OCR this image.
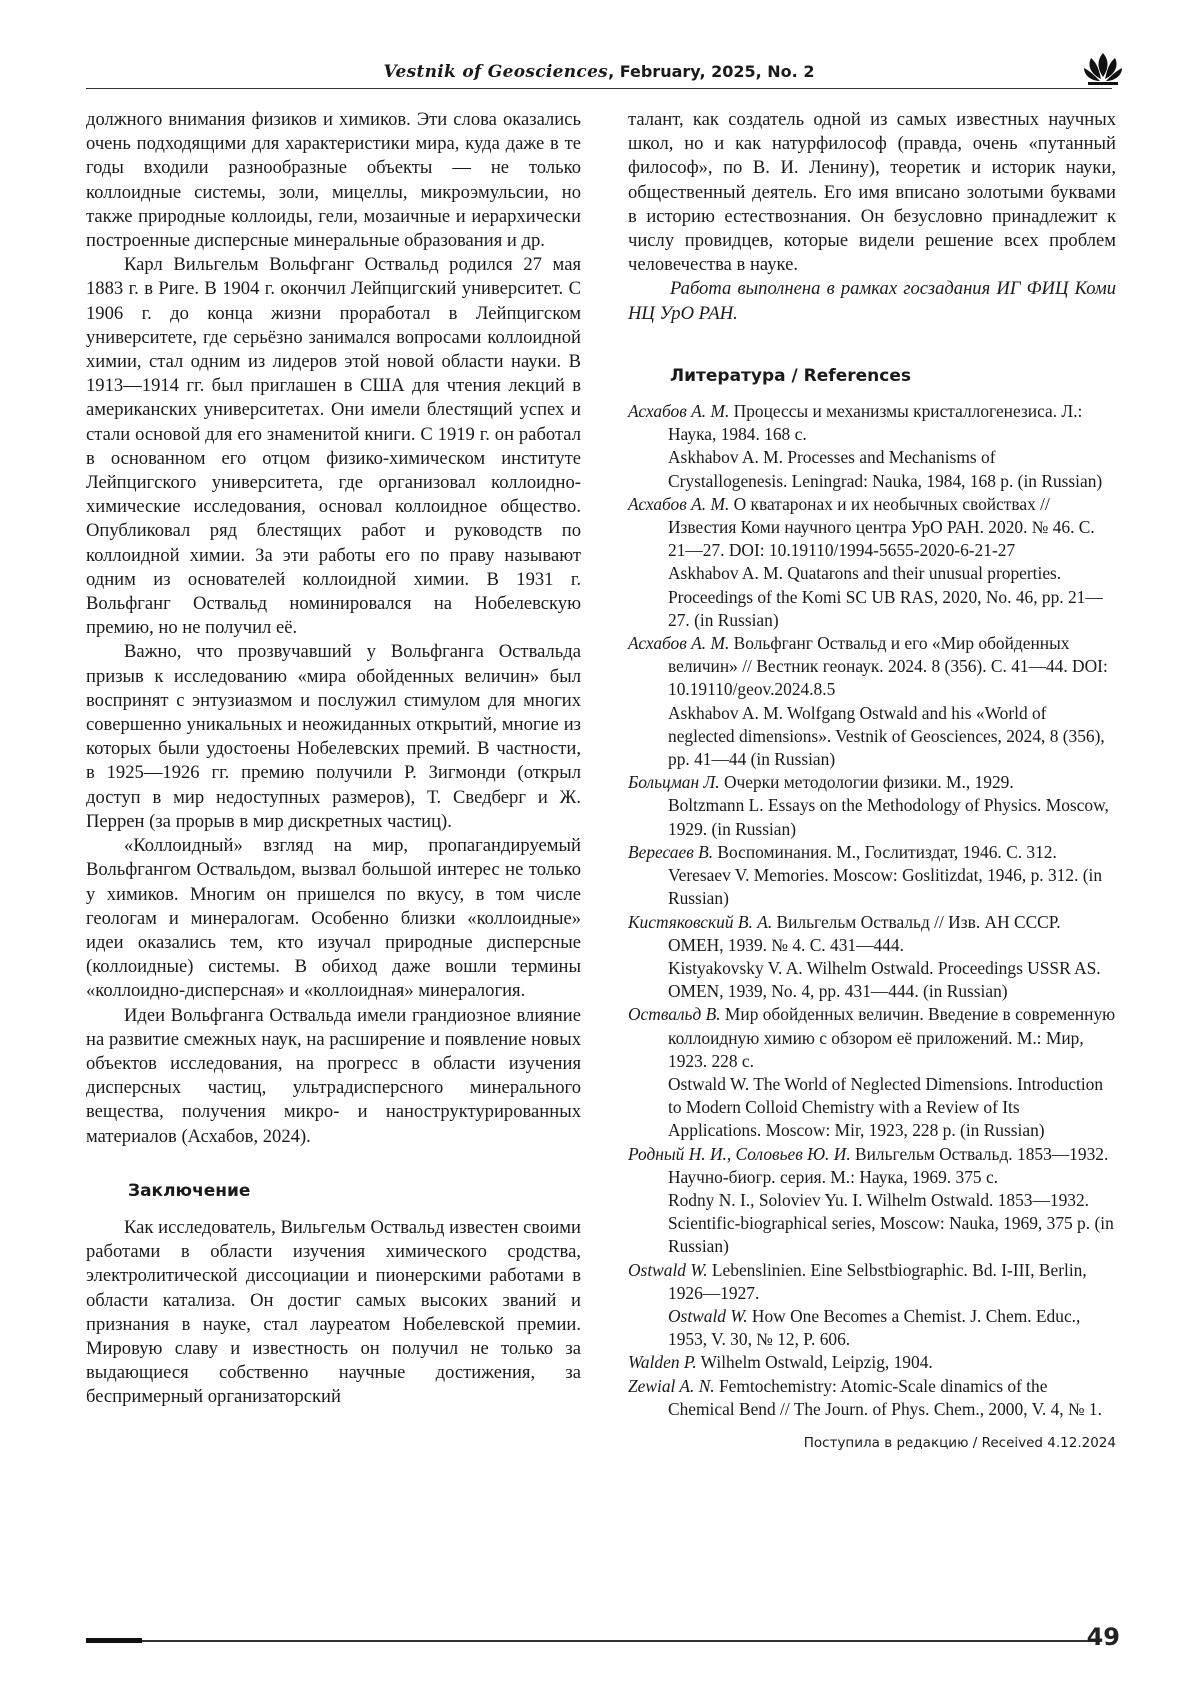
Vestnik of Geosciences, February, 2025, No. 2

должного внимания физиков и химиков. Эти слова оказались очень подходящими для характеристики мира, куда даже в те годы входили разнообразные объекты — не только коллоидные системы, золи, мицеллы, микроэмульсии, но также природные коллоиды, гели, мозаичные и иерархически построенные дисперсные минеральные образования и др.

Карл Вильгельм Вольфганг Оствальд родился 27 мая 1883 г. в Риге. В 1904 г. окончил Лейпцигский университет. С 1906 г. до конца жизни проработал в Лейпцигском университете, где серьёзно занимался вопросами коллоидной химии, стал одним из лидеров этой новой области науки. В 1913—1914 гг. был приглашен в США для чтения лекций в американских университетах. Они имели блестящий успех и стали основой для его знаменитой книги. С 1919 г. он работал в основанном его отцом физико-химическом институте Лейпцигского университета, где организовал коллоидно-химические исследования, основал коллоидное общество. Опубликовал ряд блестящих работ и руководств по коллоидной химии. За эти работы его по праву называют одним из основателей коллоидной химии. В 1931 г. Вольфганг Оствальд номинировался на Нобелевскую премию, но не получил её.

Важно, что прозвучавший у Вольфганга Оствальда призыв к исследованию «мира обойденных величин» был воспринят с энтузиазмом и послужил стимулом для многих совершенно уникальных и неожиданных открытий, многие из которых были удостоены Нобелевских премий. В частности, в 1925—1926 гг. премию получили Р. Зигмонди (открыл доступ в мир недоступных размеров), Т. Сведберг и Ж. Перрен (за прорыв в мир дискретных частиц).

«Коллоидный» взгляд на мир, пропагандируемый Вольфгангом Оствальдом, вызвал большой интерес не только у химиков. Многим он пришелся по вкусу, в том числе геологам и минералогам. Особенно близки «коллоидные» идеи оказались тем, кто изучал природные дисперсные (коллоидные) системы. В обиход даже вошли термины «коллоидно-дисперсная» и «коллоидная» минералогия.

Идеи Вольфганга Оствальда имели грандиозное влияние на развитие смежных наук, на расширение и появление новых объектов исследования, на прогресс в области изучения дисперсных частиц, ультрадисперсного минерального вещества, получения микро- и наноструктурированных материалов (Асхабов, 2024).

Заключение

Как исследователь, Вильгельм Оствальд известен своими работами в области изучения химического сродства, электролитической диссоциации и пионерскими работами в области катализа. Он достиг самых высоких званий и признания в науке, стал лауреатом Нобелевской премии. Мировую славу и известность он получил не только за выдающиеся собственно научные достижения, за беспримерный организаторский

талант, как создатель одной из самых известных научных школ, но и как натурфилософ (правда, очень «путанный философ», по В. И. Ленину), теоретик и историк науки, общественный деятель. Его имя вписано золотыми буквами в историю естествознания. Он безусловно принадлежит к числу провидцев, которые видели решение всех проблем человечества в науке.

Работа выполнена в рамках госзадания ИГ ФИЦ Коми НЦ УрО РАН.

Литература / References
Асхабов А. М. Процессы и механизмы кристаллогенезиса. Л.: Наука, 1984. 168 с.
Askhabov A. M. Processes and Mechanisms of Crystallogenesis. Leningrad: Nauka, 1984, 168 p. (in Russian)
Асхабов А. М. О кватаронах и их необычных свойствах // Известия Коми научного центра УрО РАН. 2020. № 46. С. 21—27. DOI: 10.19110/1994-5655-2020-6-21-27
Askhabov A. M. Quatarons and their unusual properties. Proceedings of the Komi SC UB RAS, 2020, No. 46, pp. 21—27. (in Russian)
Асхабов А. М. Вольфганг Оствальд и его «Мир обойденных величин» // Вестник геонаук. 2024. 8 (356). С. 41—44. DOI: 10.19110/geov.2024.8.5
Askhabov A. M. Wolfgang Ostwald and his «World of neglected dimensions». Vestnik of Geosciences, 2024, 8 (356), pp. 41—44 (in Russian)
Больцман Л. Очерки методологии физики. М., 1929.
Boltzmann L. Essays on the Methodology of Physics. Moscow, 1929. (in Russian)
Вересаев В. Воспоминания. М., Гослитиздат, 1946. С. 312.
Veresaev V. Memories. Moscow: Goslitizdat, 1946, p. 312. (in Russian)
Кистяковский В. А. Вильгельм Оствальд // Изв. АН СССР. ОМЕН, 1939. № 4. С. 431—444.
Kistyakovsky V. A. Wilhelm Ostwald. Proceedings USSR AS. OMEN, 1939, No. 4, pp. 431—444. (in Russian)
Оствальд В. Мир обойденных величин. Введение в современную коллоидную химию с обзором её приложений. М.: Мир, 1923. 228 с.
Ostwald W. The World of Neglected Dimensions. Introduction to Modern Colloid Chemistry with a Review of Its Applications. Moscow: Mir, 1923, 228 p. (in Russian)
Родный Н. И., Соловьев Ю. И. Вильгельм Оствальд. 1853—1932. Научно-биогр. серия. М.: Наука, 1969. 375 с.
Rodny N. I., Soloviev Yu. I. Wilhelm Ostwald. 1853—1932. Scientific-biographical series, Moscow: Nauka, 1969, 375 p. (in Russian)
Ostwald W. Lebenslinien. Eine Selbstbiographic. Bd. I-III, Berlin, 1926—1927.
Ostwald W. How One Becomes a Chemist. J. Chem. Educ., 1953, V. 30, № 12, P. 606.
Walden P. Wilhelm Ostwald, Leipzig, 1904.
Zewial A. N. Femtochemistry: Atomic-Scale dinamics of the Chemical Bend // The Journ. of Phys. Chem., 2000, V. 4, № 1.
Поступила в редакцию / Received 4.12.2024
49
